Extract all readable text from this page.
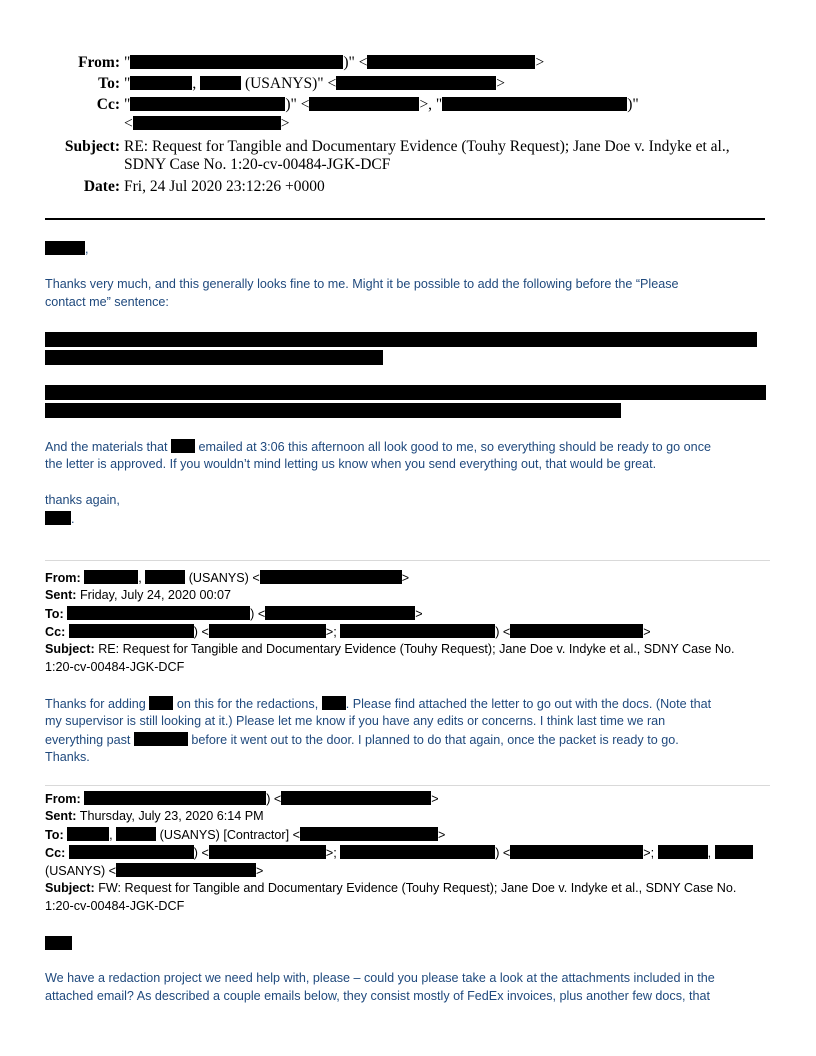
From: "	)" <	>
To: "	,	(USANYS)" <	>
Cc: "	)" <	>, "	)"
<	>
Subject: RE: Request for Tangible and Documentary Evidence (Touhy Request); Jane Doe v. Indyke et al.,
SDNY Case No. 1:20-cv-00484-JGK-DCF
Date: Fri, 24 Jul 2020 23:12:26 +0000
,
Thanks very much, and this generally looks fine to me. Might it be possible to add the following before the “Please
contact me” sentence:
And the materials that emailed at 3:06 this afternoon all look good to me, so everything should be ready to go once
the letter is approved. If you wouldn’t mind letting us know when you send everything out, that would be great.
thanks again,
.
From:	,	(USANYS) <	>
Sent: Friday, July 24, 2020 00:07
To:	) <	>
Cc:	) <	>;	) <	>
Subject: RE: Request for Tangible and Documentary Evidence (Touhy Request); Jane Doe v. Indyke et al., SDNY Case No.
1:20-cv-00484-JGK-DCF
Thanks for adding on this for the redactions, . Please find attached the letter to go out with the docs. (Note that
my supervisor is still looking at it.) Please let me know if you have any edits or concerns. I think last time we ran
everything past	before it went out to the door. I planned to do that again, once the packet is ready to go.
Thanks.
From:	) <	>
Sent: Thursday, July 23, 2020 6:14 PM
To:	,	(USANYS) [Contractor] <	>
Cc:	) <	>;	) <	>;	,
(USANYS) <	>
Subject: FW: Request for Tangible and Documentary Evidence (Touhy Request); Jane Doe v. Indyke et al., SDNY Case No.
1:20-cv-00484-JGK-DCF
We have a redaction project we need help with, please – could you please take a look at the attachments included in the
attached email? As described a couple emails below, they consist mostly of FedEx invoices, plus another few docs, that
